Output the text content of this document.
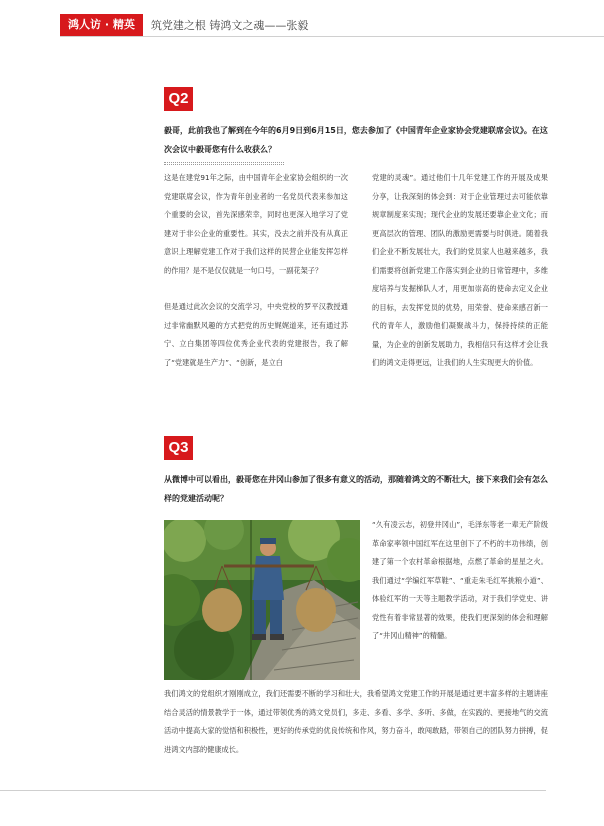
鸿人访 · 精英	筑党建之根 铸鸿文之魂——张毅
Q2
毅哥，此前我也了解到在今年的6月9日到6月15日，您去参加了《中国青年企业家协会党建联席会议》。在这次会议中毅哥您有什么收获么？

这是在建党91年之际，由中国青年企业家协会组织的一次党建联席会议，作为青年创业者的一名党员代表来参加这个重要的会议，首先深感荣幸，同时也更深入地学习了党建对于非公企业的重要性。其实，没去之前并没有从真正意识上理解党建工作对于我们这样的民营企业能发挥怎样的作用？是不是仅仅就是一句口号，一副花架子？

但是通过此次会议的交流学习，中央党校的罗平汉教授通过非常幽默风趣的方式把党的历史娓娓道来，还有通过苏宁、立白集团等四位优秀企业代表的党建报告，我了解了“党建就是生产力”、“创新，是立白

党建的灵魂”。通过他们十几年党建工作的开展及成果分享，让我深刻的体会到：对于企业管理过去可能依靠规章制度来实现；现代企业的发展还要靠企业文化；而更高层次的管理、团队的激励更需要与时俱进。随着我们企业不断发展壮大，我们的党员家人也越来越多，我们需要将创新党建工作落实到企业的日常管理中，多维度培养与发掘梯队人才，用更加崇高的使命去定义企业的目标，去发挥党员的优势，用荣誉、使命来感召新一代的青年人，激励他们凝聚战斗力，保持持续的正能量，为企业的创新发展助力，我相信只有这样才会让我们的鸿文走得更远，让我们的人生实现更大的价值。

Q3
从微博中可以看出，毅哥您在井冈山参加了很多有意义的活动，那随着鸿文的不断壮大，接下来我们会有怎么样的党建活动呢？

“久有凌云志，初登井冈山”，毛泽东等老一辈无产阶级革命家率领中国红军在这里创下了不朽的丰功伟绩，创建了第一个农村革命根据地，点燃了革命的星星之火。我们通过“学编红军草鞋”、“重走朱毛红军挑粮小道”、体验红军的一天等主题教学活动，对于我们学党史、讲党性有着非常显著的效果，使我们更深刻的体会和理解了“井冈山精神”的精髓。

我们鸿文的党组织才刚刚成立，我们还需要不断的学习和壮大，我希望鸿文党建工作的开展是通过更丰富多样的主题讲座结合灵活的情景教学于一体，通过带领优秀的鸿文党员们，多走、多看、多学、多听、多做，在实践的、更接地气的交流活动中提高大家的觉悟和积极性，更好的传承党的优良传统和作风，努力奋斗，敢闯敢踏，带领自己的团队努力拼搏，促进鸿文内部的健康成长。
